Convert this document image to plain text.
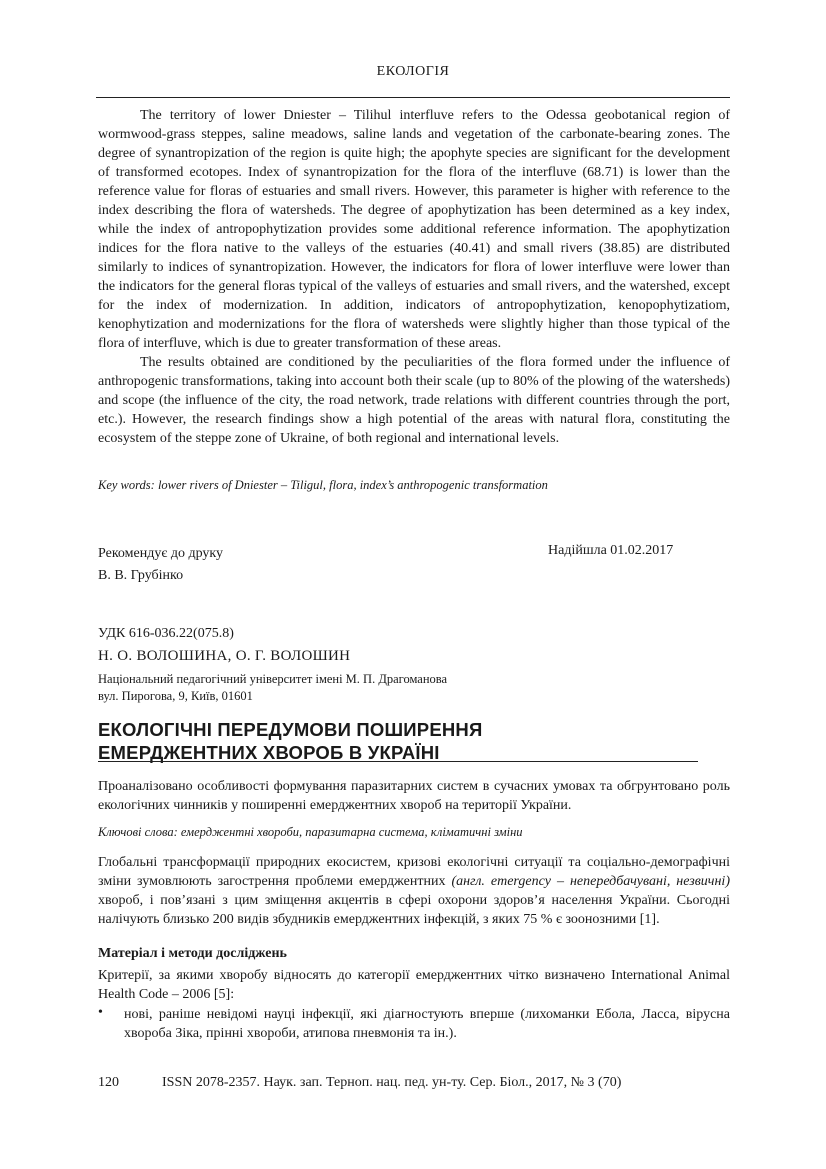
ЕКОЛОГІЯ

The territory of lower Dniester – Tilihul interfluve refers to the Odessa geobotanical region of wormwood-grass steppes, saline meadows, saline lands and vegetation of the carbonate-bearing zones. The degree of synantropization of the region is quite high; the apophyte species are significant for the development of transformed ecotopes. Index of synantropization for the flora of the interfluve (68.71) is lower than the reference value for floras of estuaries and small rivers. However, this parameter is higher with reference to the index describing the flora of watersheds. The degree of apophytization has been determined as a key index, while the index of antropophytization provides some additional reference information. The apophytization indices for the flora native to the valleys of the estuaries (40.41) and small rivers (38.85) are distributed similarly to indices of synantropization. However, the indicators for flora of lower interfluve were lower than the indicators for the general floras typical of the valleys of estuaries and small rivers, and the watershed, except for the index of modernization. In addition, indicators of antropophytization, kenopophytizatiom, kenophytization and modernizations for the flora of watersheds were slightly higher than those typical of the flora of interfluve, which is due to greater transformation of these areas.

The results obtained are conditioned by the peculiarities of the flora formed under the influence of anthropogenic transformations, taking into account both their scale (up to 80% of the plowing of the watersheds) and scope (the influence of the city, the road network, trade relations with different countries through the port, etc.). However, the research findings show a high potential of the areas with natural flora, constituting the ecosystem of the steppe zone of Ukraine, of both regional and international levels.

Key words: lower rivers of Dniester – Tiligul, flora, index’s anthropogenic transformation
Рекомендує до друку
В. В. Грубінко
Надійшла 01.02.2017
УДК 616-036.22(075.8)
Н. О. ВОЛОШИНА, О. Г. ВОЛОШИН
Національний педагогічний університет імені М. П. Драгоманова
вул. Пирогова, 9, Київ, 01601
ЕКОЛОГІЧНІ ПЕРЕДУМОВИ ПОШИРЕННЯ
ЕМЕРДЖЕНТНИХ ХВОРОБ В УКРАЇНІ

Проаналізовано особливості формування паразитарних систем в сучасних умовах та обгрунтовано роль екологічних чинників у поширенні емерджентних хвороб на території України.

Ключові слова: емерджентні хвороби, паразитарна система, кліматичні зміни

Глобальні трансформації природних екосистем, кризові екологічні ситуації та соціально-демографічні зміни зумовлюють загострення проблеми емерджентних (англ. emergency – непередбачувані, незвичні) хвороб, і пов’язані з цим зміщення акцентів в сфері охорони здоров’я населення України. Сьогодні налічують близько 200 видів збудників емерджентних інфекцій, з яких 75 % є зоонозними [1].

Матеріал і методи досліджень

Критерії, за якими хворобу відносять до категорії емерджентних чітко визначено International Animal Health Code – 2006 [5]:

• нові, раніше невідомі науці інфекції, які діагностують вперше (лихоманки Ебола, Ласса, вірусна хвороба Зіка, прінні хвороби, атипова пневмонія та ін.).

120	ISSN 2078-2357. Наук. зап. Терноп. нац. пед. ун-ту. Сер. Біол., 2017, № 3 (70)
